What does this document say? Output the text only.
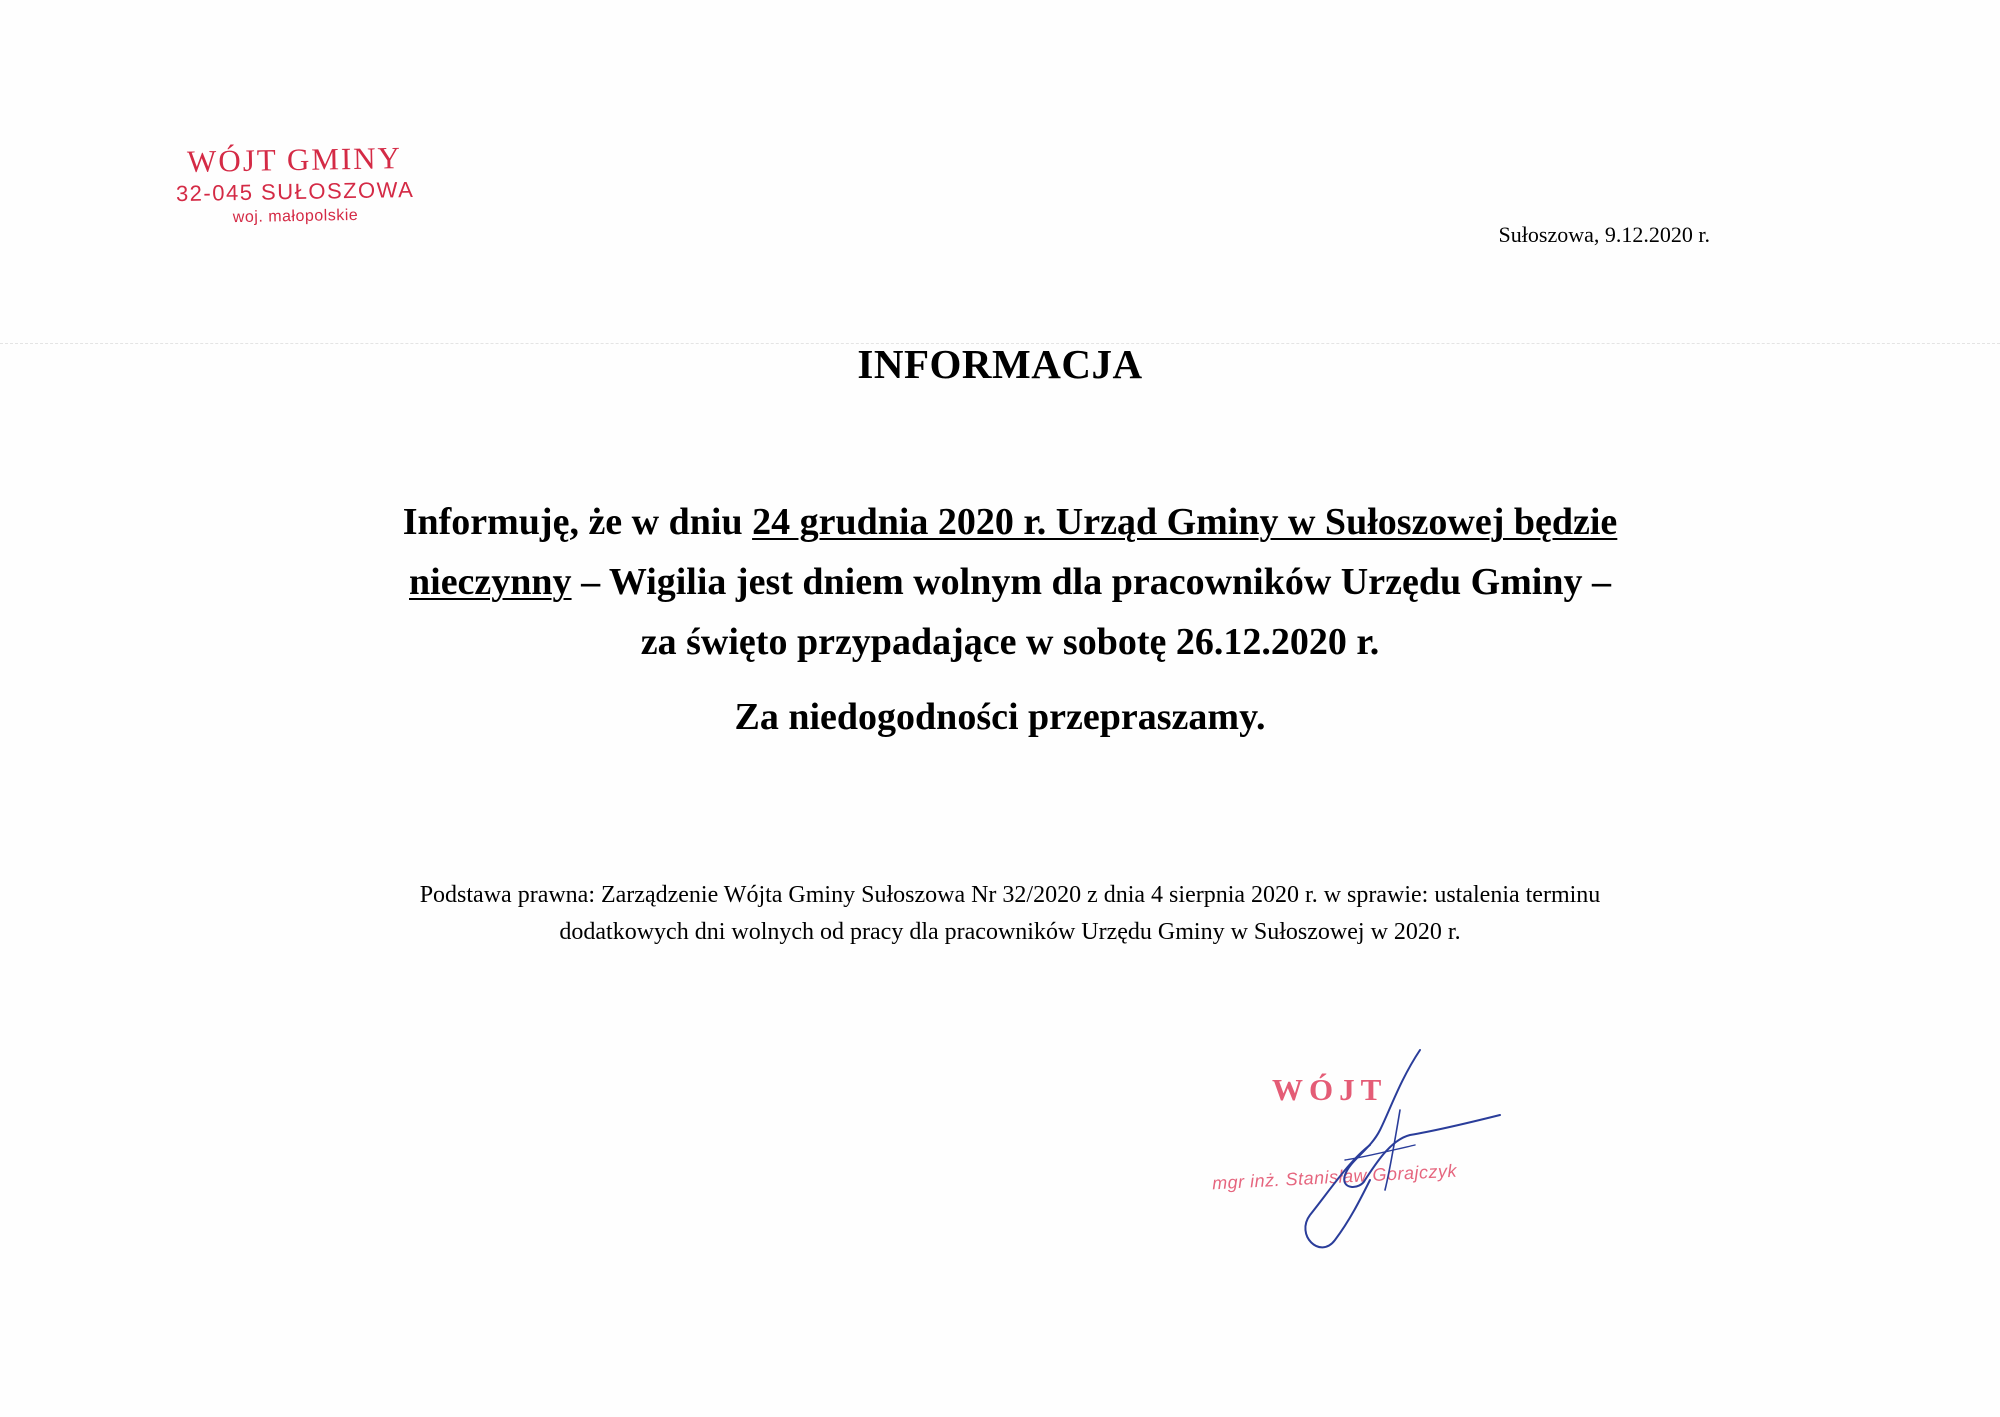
WÓJT GMINY
32-045 SUŁOSZOWA
woj. małopolskie
Sułoszowa, 9.12.2020 r.
INFORMACJA
Informuję, że w dniu 24 grudnia 2020 r. Urząd Gminy w Sułoszowej będzie
nieczynny – Wigilia jest dniem wolnym dla pracowników Urzędu Gminy –
za święto przypadające w sobotę 26.12.2020 r.
Za niedogodności przepraszamy.
Podstawa prawna: Zarządzenie Wójta Gminy Sułoszowa Nr 32/2020 z dnia 4 sierpnia 2020 r. w sprawie: ustalenia terminu
dodatkowych dni wolnych od pracy dla pracowników Urzędu Gminy w Sułoszowej w 2020 r.
WÓJT
mgr inż. Stanisław Gorajczyk
